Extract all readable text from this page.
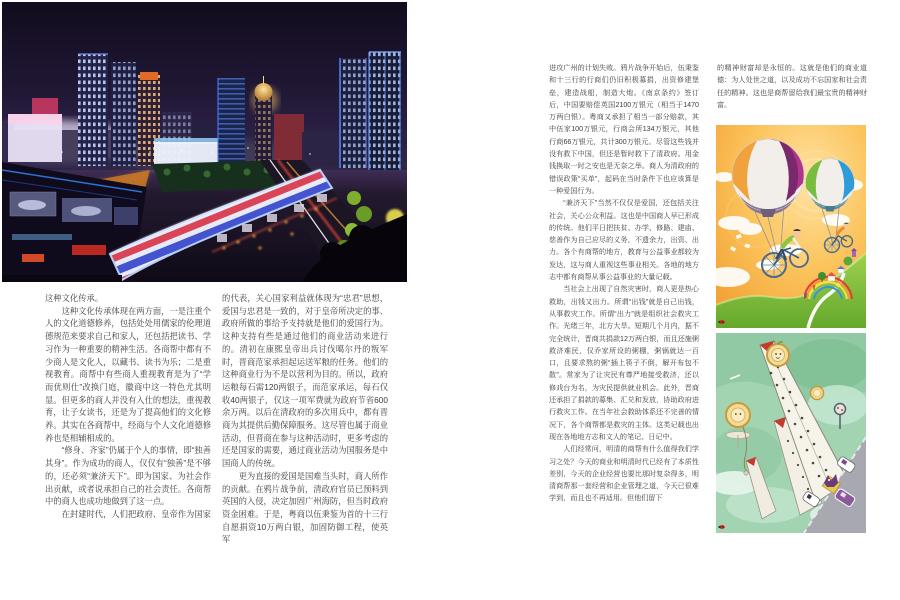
这种文化传承。

这种文化传承体现在两方面，一是注重个人的文化道德修养，包括处处用儒家的伦理道德规范来要求自己和家人，还包括把读书、学习作为一种重要的精神生活。各商帮中都有不少商人是文化人，以藏书、读书为乐；二是重视教育。商帮中有些商人重视教育是为了“学而优则仕”改换门庭，徽商中这一特色尤其明显。但更多的商人并没有入仕的想法，重视教育，让子女读书，还是为了提高他们的文化修养。其实在各商帮中，经商与个人文化道德修养也是相辅相成的。

“修身、齐家”仍属于个人的事情，即“独善其身”。作为成功的商人，仅仅有“独善”是不够的，还必须“兼济天下”。即为国家、为社会作出贡献，或者说承担自己的社会责任。各商帮中的商人也成功地做到了这一点。

在封建时代，人们把政府、皇帝作为国家

的代表，关心国家利益就体现为“忠君”思想，爱国与忠君是一致的，对于皇帝所决定的事、政府所做的事给予支持就是他们的爱国行为。这种支持有些是通过他们的商业活动来进行的。清初在康熙皇帝出兵讨伐噶尔丹的叛军时，晋商范家承担起运送军粮的任务。他们的这种商业行为不是以营利为目的。所以，政府运粮每石需120两银子，而范家承运，每石仅收40两银子，仅这一项军费就为政府节省600余万两。以后在清政府的多次用兵中，都有晋商为其提供后勤保障服务。这尽管也属于商业活动，但晋商在参与这种活动时，更多考虑的还是国家的需要，通过商业活动为国服务是中国商人的传统。

更为直接的爱国是国难当头时，商人所作的贡献。在鸦片战争前，清政府官员已预料到英国的入侵，决定加固广州海防，但当时政府资金困难。于是，粤商以伍秉鉴为首的十三行自愿捐资10万两白银，加固防御工程，使英军

进攻广州的计划失败。鸦片战争开始后，伍秉鉴和十三行的行商们仍旧积极募捐，出资修建堡垒，建造战船，制造大炮。《南京条约》签订后，中国要赔偿英国2100万银元（相当于1470万两白银）。粤商又承担了相当一部分赔款，其中伍家100万银元，行商会所134万银元，其他行商66万银元，共计300万银元。尽管这些钱并没有救下中国，但还是暂时救下了清政府。用金钱换取一时之安也是无奈之举。商人为清政府的错误政策“买单”，起码在当时条件下也应该算是一种爱国行为。

“兼济天下”当然不仅仅是爱国，还包括关注社会，关心公众利益。这也是中国商人早已形成的传统。他们平日把扶贫、办学、修路、建庙、慈善作为自己应尽的义务，不遗余力，出资、出力。各个有商帮的地方，教育与公益事业都较为发达，这与商人重视这些事业相关。各地的地方志中都有商帮从事公益事业的大量记载。

当社会上出现了自然灾害时，商人更是热心救助，出钱又出力。所谓“出钱”就是自己出钱，从事救灾工作。所谓“出力”就是组织社会救灾工作。光绪三年，北方大旱。短期几个月内，据不完全统计，晋商共捐款12万两白银，而且还施粥救济难民，仅乔家所设的粥棚，粥锅就达一百口，且要求熬的粥“插上筷子不倒，解开布包不散”。常家为了让灾民有尊严地接受救济，还以修戏台为名，为灾民提供就业机会。此外，晋商还承担了捐款的募集、汇兑和发放，协助政府进行救灾工作。在当年社会救助体系还不完善的情况下，各个商帮都是救灾的主体。这类记载也出现在各地地方志和文人的笔记、日记中。

人们经常问，明清的商帮有什么值得我们学习之处？今天的商业和明清时代已经有了本质性差别，今天的企业经营也要比那时复杂得多，明清商帮那一套经营和企业管理之道，今天已很难学到，而且也不再适用。但他们留下

的精神财富却是永恒的。这就是他们的商业道德：为人处世之道，以及成功不忘国家和社会责任的精神。这也是商帮留给我们最宝贵的精神财富。
